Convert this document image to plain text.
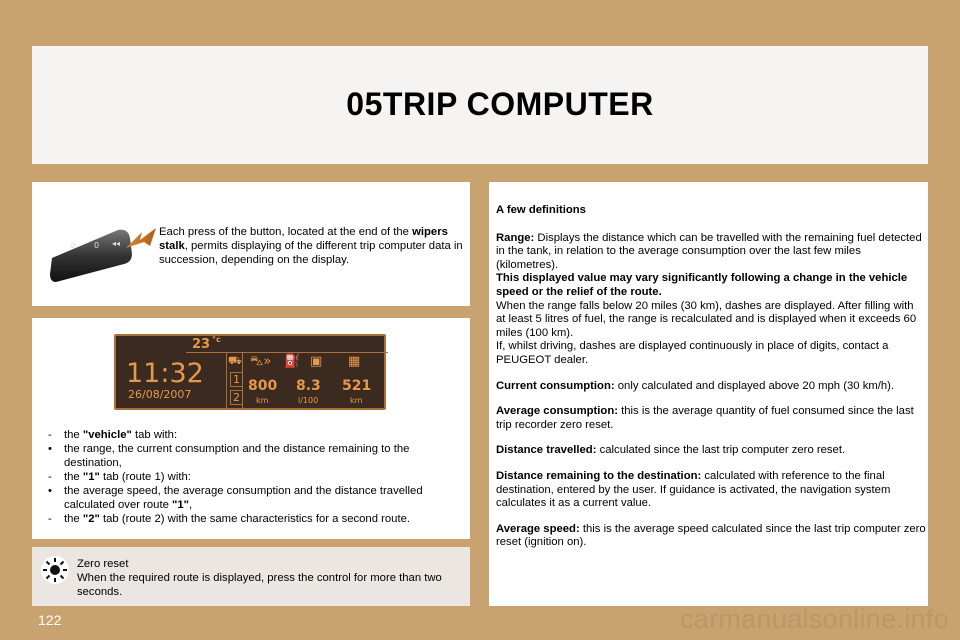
05TRIP COMPUTER
⊘ 0 ◂◂
Each press of the button, located at the end of the wipers stalk, permits displaying of the different trip computer data in succession, depending on the display.
23 °c
11:32
26/08/2007
⛟
1
2
⛍» ⛽ ▣ ▦
800 8.3 521
km	l/100	km
- the "vehicle" tab with:
• the range, the current consumption and the distance remaining to the destination,
- the "1" tab (route 1) with:
• the average speed, the average consumption and the distance travelled calculated over route "1",
- the "2" tab (route 2) with the same characteristics for a second route.
Zero reset
When the required route is displayed, press the control for more than two seconds.

A few definitions

Range: Displays the distance which can be travelled with the remaining fuel detected in the tank, in relation to the average consumption over the last few miles (kilometres).
This displayed value may vary significantly following a change in the vehicle speed or the relief of the route.
When the range falls below 20 miles (30 km), dashes are displayed. After filling with at least 5 litres of fuel, the range is recalculated and is displayed when it exceeds 60 miles (100 km).
If, whilst driving, dashes are displayed continuously in place of digits, contact a PEUGEOT dealer.

Current consumption: only calculated and displayed above 20 mph (30 km/h).

Average consumption: this is the average quantity of fuel consumed since the last trip recorder zero reset.

Distance travelled: calculated since the last trip computer zero reset.

Distance remaining to the destination: calculated with reference to the final destination, entered by the user. If guidance is activated, the navigation system calculates it as a current value.

Average speed: this is the average speed calculated since the last trip computer zero reset (ignition on).

122	carmanualsonline.info
